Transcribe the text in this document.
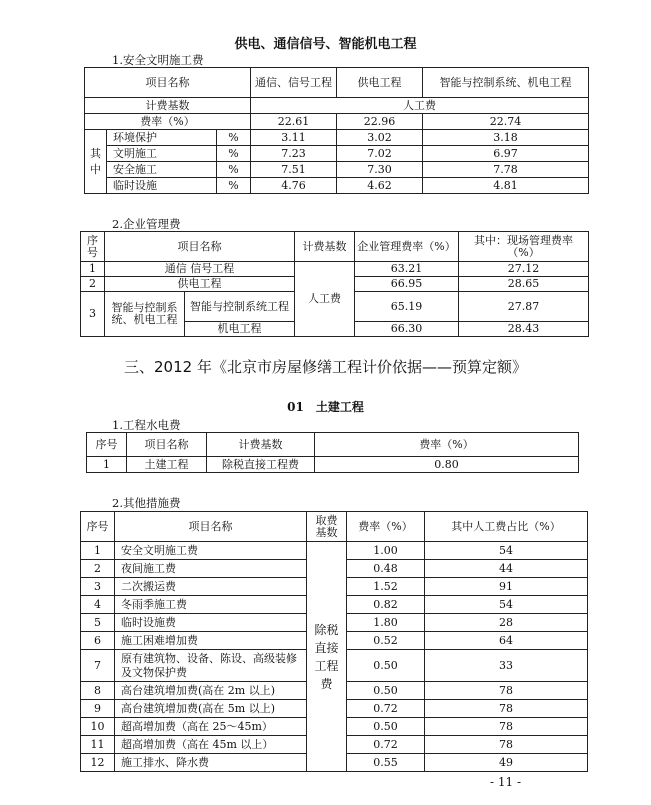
供电、通信信号、智能机电工程
1.安全文明施工费
项目名称			通信、信号工程	供电工程	智能与控制系统、机电工程
计费基数			人工费		
费率（%）			22.61	22.96	22.74
其中	环境保护	%	3.11	3.02	3.18
	文明施工	%	7.23	7.02	6.97
	安全施工	%	7.51	7.30	7.78
	临时设施	%	4.76	4.62	4.81
2.企业管理费
序号	项目名称		计费基数	企业管理费率（%）	其中：现场管理费率（%）
1	通信 信号工程		人工费	63.21	27.12
2	供电工程			66.95	28.65
3	智能与控制系统、机电工程	智能与控制系统工程		65.19	27.87
		机电工程		66.30	28.43
三、2012 年《北京市房屋修缮工程计价依据——预算定额》
01　土建工程
1.工程水电费
序号	项目名称	计费基数	费率（%）
1	土建工程	除税直接工程费	0.80
2.其他措施费
序号	项目名称	取费基数	费率（%）	其中人工费占比（%）
1	安全文明施工费	除税直接工程费	1.00	54
2	夜间施工费		0.48	44
3	二次搬运费		1.52	91
4	冬雨季施工费		0.82	54
5	临时设施费		1.80	28
6	施工困难增加费		0.52	64
7	原有建筑物、设备、陈设、高级装修及文物保护费		0.50	33
8	高台建筑增加费(高在 2m 以上)		0.50	78
9	高台建筑增加费(高在 5m 以上)		0.72	78
10	超高增加费（高在 25～45m）		0.50	78
11	超高增加费（高在 45m 以上）		0.72	78
12	施工排水、降水费		0.55	49
- 11 -
